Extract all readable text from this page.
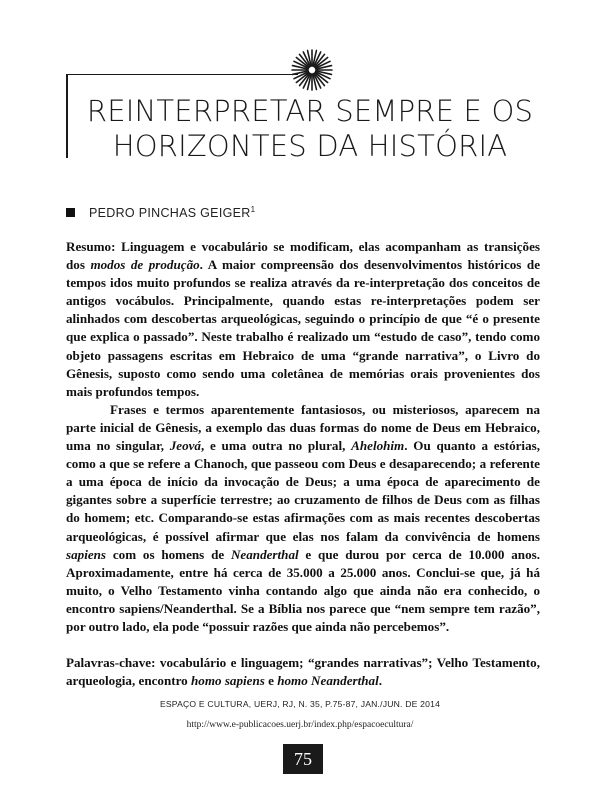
REINTERPRETAR SEMPRE E OS
HORIZONTES DA HISTÓRIA
PEDRO PINCHAS GEIGER$^1$

Resumo: Linguagem e vocabulário se modificam, elas acompanham as transições dos modos de produção. A maior compreensão dos desenvolvimentos históricos de tempos idos muito profundos se realiza através da re-interpretação dos conceitos de antigos vocábulos. Principalmente, quando estas re-interpretações podem ser alinhados com descobertas arqueológicas, seguindo o princípio de que “é o presente que explica o passado”. Neste trabalho é realizado um “estudo de caso”, tendo como objeto passagens escritas em Hebraico de uma “grande narrativa”, o Livro do Gênesis, suposto como sendo uma coletânea de memórias orais provenientes dos mais profundos tempos.

Frases e termos aparentemente fantasiosos, ou misteriosos, aparecem na parte inicial de Gênesis, a exemplo das duas formas do nome de Deus em Hebraico, uma no singular, Jeová, e uma outra no plural, Ahelohim. Ou quanto a estórias, como a que se refere a Chanoch, que passeou com Deus e desaparecendo; a referente a uma época de início da invocação de Deus; a uma época de aparecimento de gigantes sobre a superfície terrestre; ao cruzamento de filhos de Deus com as filhas do homem; etc. Comparando-se estas afirmações com as mais recentes descobertas arqueológicas, é possível afirmar que elas nos falam da convivência de homens sapiens com os homens de Neanderthal e que durou por cerca de 10.000 anos. Aproximadamente, entre há cerca de 35.000 a 25.000 anos. Conclui-se que, já há muito, o Velho Testamento vinha contando algo que ainda não era conhecido, o encontro sapiens/Neanderthal. Se a Bíblia nos parece que “nem sempre tem razão”, por outro lado, ela pode “possuir razões que ainda não percebemos”.

Palavras-chave: vocabulário e linguagem; “grandes narrativas”; Velho Testamento, arqueologia, encontro homo sapiens e homo Neanderthal.

ESPAÇO E CULTURA, UERJ, RJ, N. 35, P.75-87, JAN./JUN. DE 2014
http://www.e-publicacoes.uerj.br/index.php/espacoecultura/
75
